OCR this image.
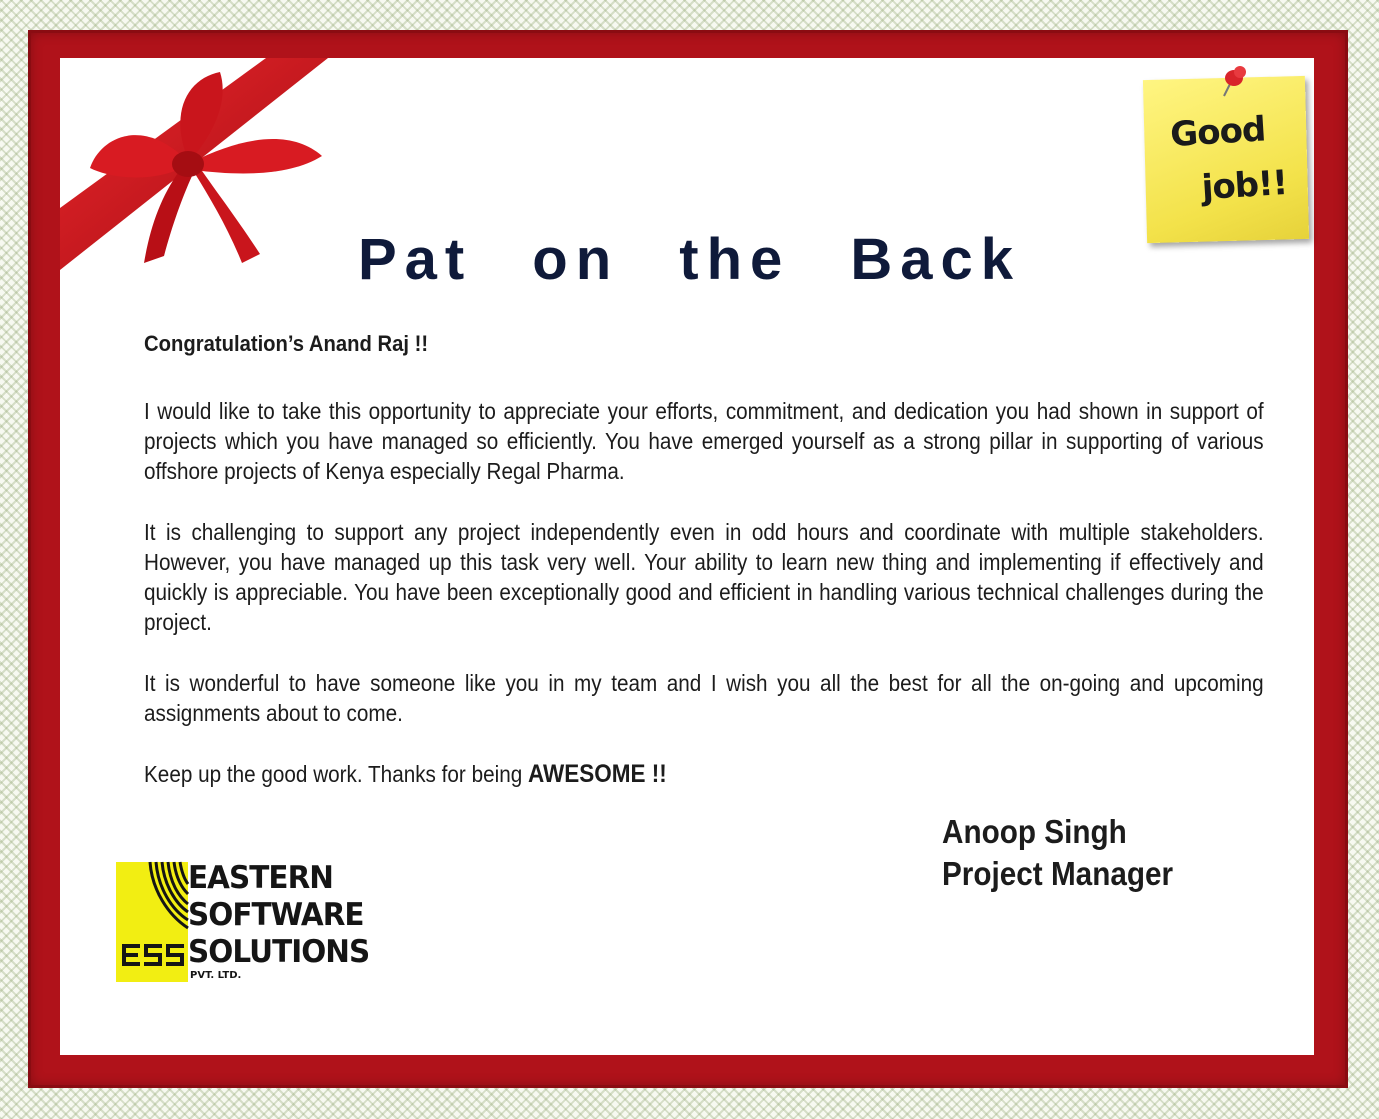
Good
job!!
Pat on the Back
Congratulation’s Anand Raj !!
I would like to take this opportunity to appreciate your efforts, commitment, and dedication you had shown in support of projects which you have managed so efficiently. You have emerged yourself as a strong pillar in supporting of various offshore projects of Kenya especially Regal Pharma.
It is challenging to support any project independently even in odd hours and coordinate with multiple stakeholders. However, you have managed up this task very well. Your ability to learn new thing and implementing if effectively and quickly is appreciable. You have been exceptionally good and efficient in handling various technical challenges during the project.
It is wonderful to have someone like you in my team and I wish you all the best for all the on-going and upcoming assignments about to come.
Keep up the good work. Thanks for being AWESOME !!
Anoop Singh
Project Manager
EASTERN
SOFTWARE
SOLUTIONS
PVT. LTD.
